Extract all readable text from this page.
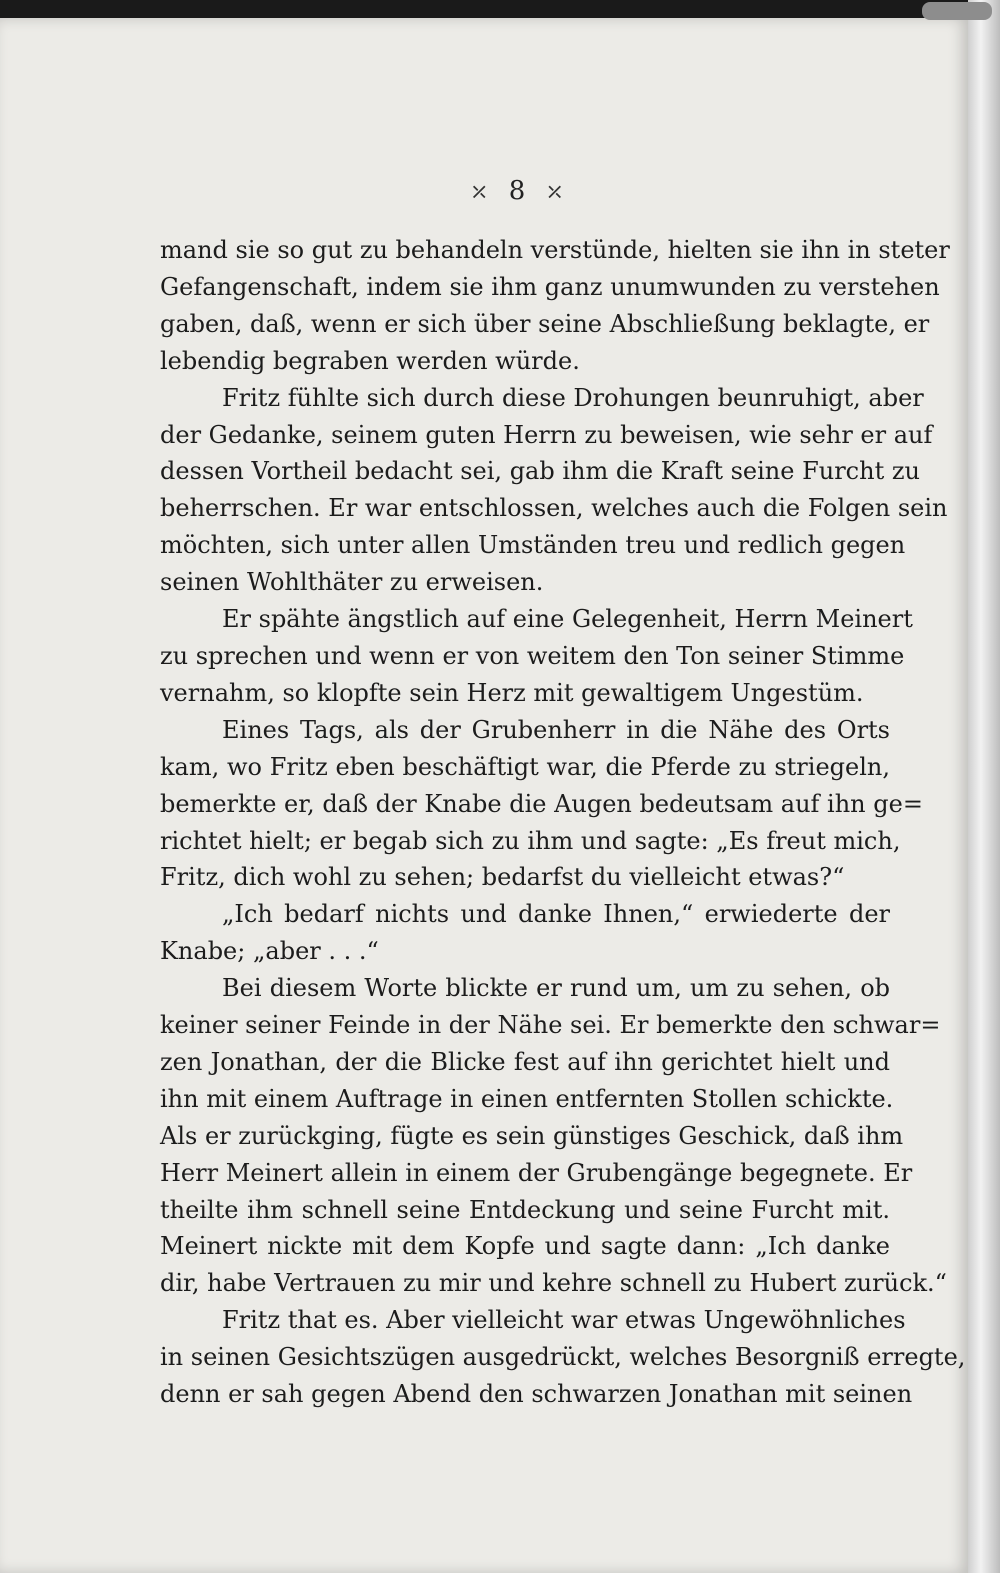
⤫ 8 ⤫
mand sie so gut zu behandeln verstünde, hielten sie ihn in steter
Gefangenschaft, indem sie ihm ganz unumwunden zu verstehen
gaben, daß, wenn er sich über seine Abschließung beklagte, er
lebendig begraben werden würde.
Fritz fühlte sich durch diese Drohungen beunruhigt, aber
der Gedanke, seinem guten Herrn zu beweisen, wie sehr er auf
dessen Vortheil bedacht sei, gab ihm die Kraft seine Furcht zu
beherrschen. Er war entschlossen, welches auch die Folgen sein
möchten, sich unter allen Umständen treu und redlich gegen
seinen Wohlthäter zu erweisen.
Er spähte ängstlich auf eine Gelegenheit, Herrn Meinert
zu sprechen und wenn er von weitem den Ton seiner Stimme
vernahm, so klopfte sein Herz mit gewaltigem Ungestüm.
Eines Tags, als der Grubenherr in die Nähe des Orts
kam, wo Fritz eben beschäftigt war, die Pferde zu striegeln,
bemerkte er, daß der Knabe die Augen bedeutsam auf ihn ge=
richtet hielt; er begab sich zu ihm und sagte: „Es freut mich,
Fritz, dich wohl zu sehen; bedarfst du vielleicht etwas?“
„Ich bedarf nichts und danke Ihnen,“ erwiederte der
Knabe; „aber . . .“
Bei diesem Worte blickte er rund um, um zu sehen, ob
keiner seiner Feinde in der Nähe sei. Er bemerkte den schwar=
zen Jonathan, der die Blicke fest auf ihn gerichtet hielt und
ihn mit einem Auftrage in einen entfernten Stollen schickte.
Als er zurückging, fügte es sein günstiges Geschick, daß ihm
Herr Meinert allein in einem der Grubengänge begegnete. Er
theilte ihm schnell seine Entdeckung und seine Furcht mit.
Meinert nickte mit dem Kopfe und sagte dann: „Ich danke
dir, habe Vertrauen zu mir und kehre schnell zu Hubert zurück.“
Fritz that es. Aber vielleicht war etwas Ungewöhnliches
in seinen Gesichtszügen ausgedrückt, welches Besorgniß erregte,
denn er sah gegen Abend den schwarzen Jonathan mit seinen
